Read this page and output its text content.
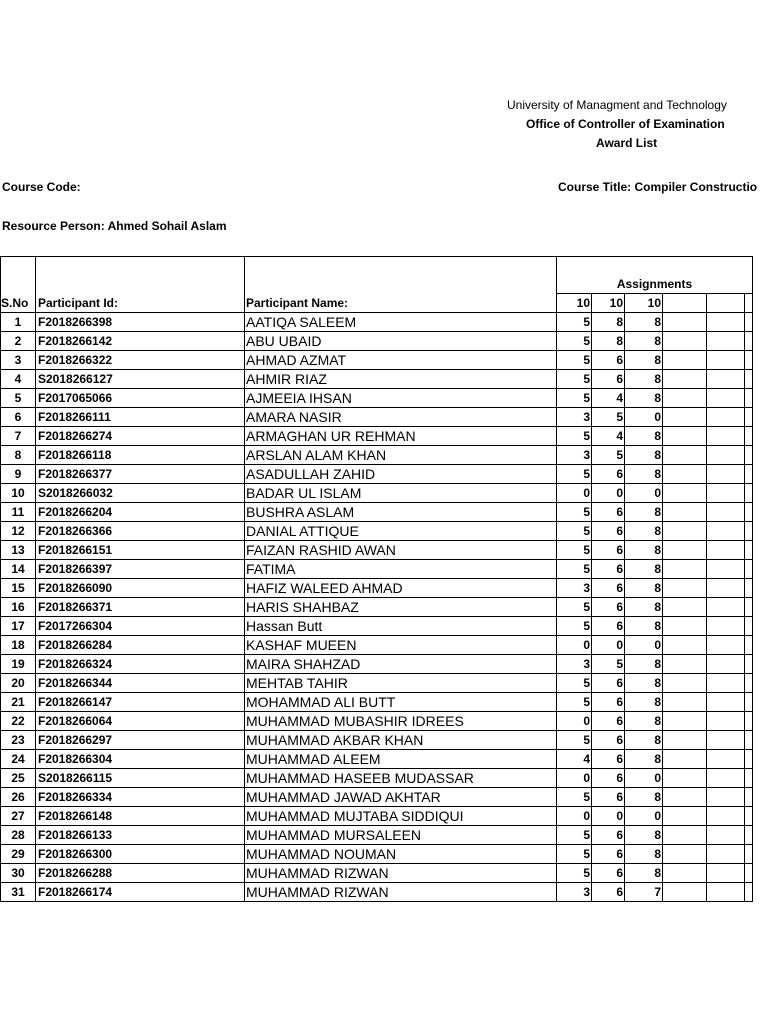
University of Managment and Technology
Office of Controller of Examination
Award List
Course Code:	Course Title: Compiler Constructio
Resource Person: Ahmed Sohail Aslam
			Assignments					
S.No	Participant Id:	Participant Name:	10	10	10			
1	F2018266398	AATIQA SALEEM	5	8	8			
2	F2018266142	ABU UBAID	5	8	8			
3	F2018266322	AHMAD AZMAT	5	6	8			
4	S2018266127	AHMIR RIAZ	5	6	8			
5	F2017065066	AJMEEIA IHSAN	5	4	8			
6	F2018266111	AMARA NASIR	3	5	0			
7	F2018266274	ARMAGHAN UR REHMAN	5	4	8			
8	F2018266118	ARSLAN ALAM KHAN	3	5	8			
9	F2018266377	ASADULLAH ZAHID	5	6	8			
10	S2018266032	BADAR UL ISLAM	0	0	0			
11	F2018266204	BUSHRA ASLAM	5	6	8			
12	F2018266366	DANIAL ATTIQUE	5	6	8			
13	F2018266151	FAIZAN RASHID AWAN	5	6	8			
14	F2018266397	FATIMA	5	6	8			
15	F2018266090	HAFIZ WALEED AHMAD	3	6	8			
16	F2018266371	HARIS SHAHBAZ	5	6	8			
17	F2017266304	Hassan Butt	5	6	8			
18	F2018266284	KASHAF MUEEN	0	0	0			
19	F2018266324	MAIRA SHAHZAD	3	5	8			
20	F2018266344	MEHTAB TAHIR	5	6	8			
21	F2018266147	MOHAMMAD ALI BUTT	5	6	8			
22	F2018266064	MUHAMMAD MUBASHIR IDREES	0	6	8			
23	F2018266297	MUHAMMAD AKBAR KHAN	5	6	8			
24	F2018266304	MUHAMMAD ALEEM	4	6	8			
25	S2018266115	MUHAMMAD HASEEB MUDASSAR	0	6	0			
26	F2018266334	MUHAMMAD JAWAD AKHTAR	5	6	8			
27	F2018266148	MUHAMMAD MUJTABA SIDDIQUI	0	0	0			
28	F2018266133	MUHAMMAD MURSALEEN	5	6	8			
29	F2018266300	MUHAMMAD NOUMAN	5	6	8			
30	F2018266288	MUHAMMAD RIZWAN	5	6	8			
31	F2018266174	MUHAMMAD RIZWAN	3	6	7			
